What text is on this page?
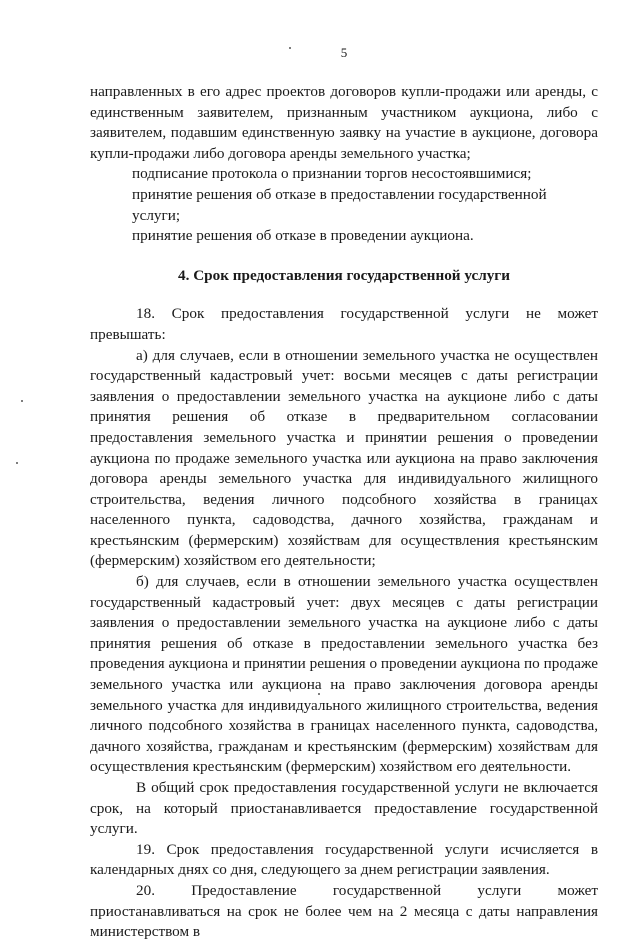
5

направленных в его адрес проектов договоров купли-продажи или аренды, с единственным заявителем, признанным участником аукциона, либо с заявителем, подавшим единственную заявку на участие в аукционе, договора купли-продажи либо договора аренды земельного участка;

подписание протокола о признании торгов несостоявшимися;

принятие решения об отказе в предоставлении государственной услуги;

принятие решения об отказе в проведении аукциона.

4. Срок предоставления государственной услуги

18. Срок предоставления государственной услуги не может превышать:

а) для случаев, если в отношении земельного участка не осуществлен государственный кадастровый учет: восьми месяцев с даты регистрации заявления о предоставлении земельного участка на аукционе либо с даты принятия решения об отказе в предварительном согласовании предоставления земельного участка и принятии решения о проведении аукциона по продаже земельного участка или аукциона на право заключения договора аренды земельного участка для индивидуального жилищного строительства, ведения личного подсобного хозяйства в границах населенного пункта, садоводства, дачного хозяйства, гражданам и крестьянским (фермерским) хозяйствам для осуществления крестьянским (фермерским) хозяйством его деятельности;

б) для случаев, если в отношении земельного участка осуществлен государственный кадастровый учет: двух месяцев с даты регистрации заявления о предоставлении земельного участка на аукционе либо с даты принятия решения об отказе в предоставлении земельного участка без проведения аукциона и принятии решения о проведении аукциона по продаже земельного участка или аукциона на право заключения договора аренды земельного участка для индивидуального жилищного строительства, ведения личного подсобного хозяйства в границах населенного пункта, садоводства, дачного хозяйства, гражданам и крестьянским (фермерским) хозяйствам для осуществления крестьянским (фермерским) хозяйством его деятельности.

В общий срок предоставления государственной услуги не включается срок, на который приостанавливается предоставление государственной услуги.

19. Срок предоставления государственной услуги исчисляется в календарных днях со дня, следующего за днем регистрации заявления.

20. Предоставление государственной услуги может приостанавливаться на срок не более чем на 2 месяца с даты направления министерством в
